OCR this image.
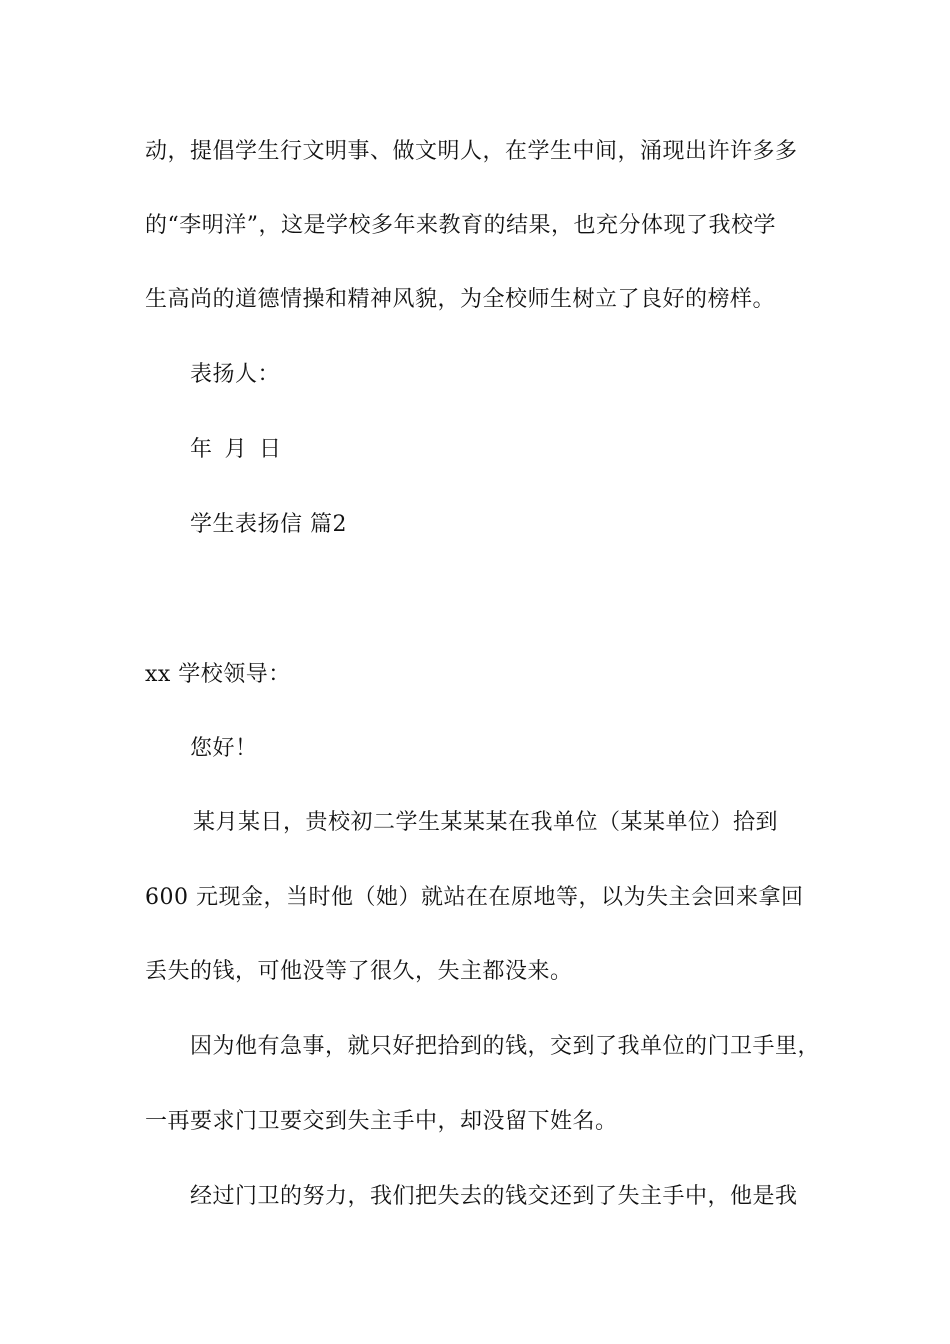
动，提倡学生行文明事、做文明人，在学生中间，涌现出许许多多
的“李明洋”，这是学校多年来教育的结果，也充分体现了我校学
生高尚的道德情操和精神风貌，为全校师生树立了良好的榜样。
表扬人：
年 月 日
学生表扬信 篇2
xx 学校领导：
您好！
某月某日，贵校初二学生某某某在我单位（某某单位）拾到
600 元现金，当时他（她）就站在在原地等，以为失主会回来拿回
丢失的钱，可他没等了很久，失主都没来。
因为他有急事，就只好把拾到的钱，交到了我单位的门卫手里，
一再要求门卫要交到失主手中，却没留下姓名。
经过门卫的努力，我们把失去的钱交还到了失主手中，他是我
